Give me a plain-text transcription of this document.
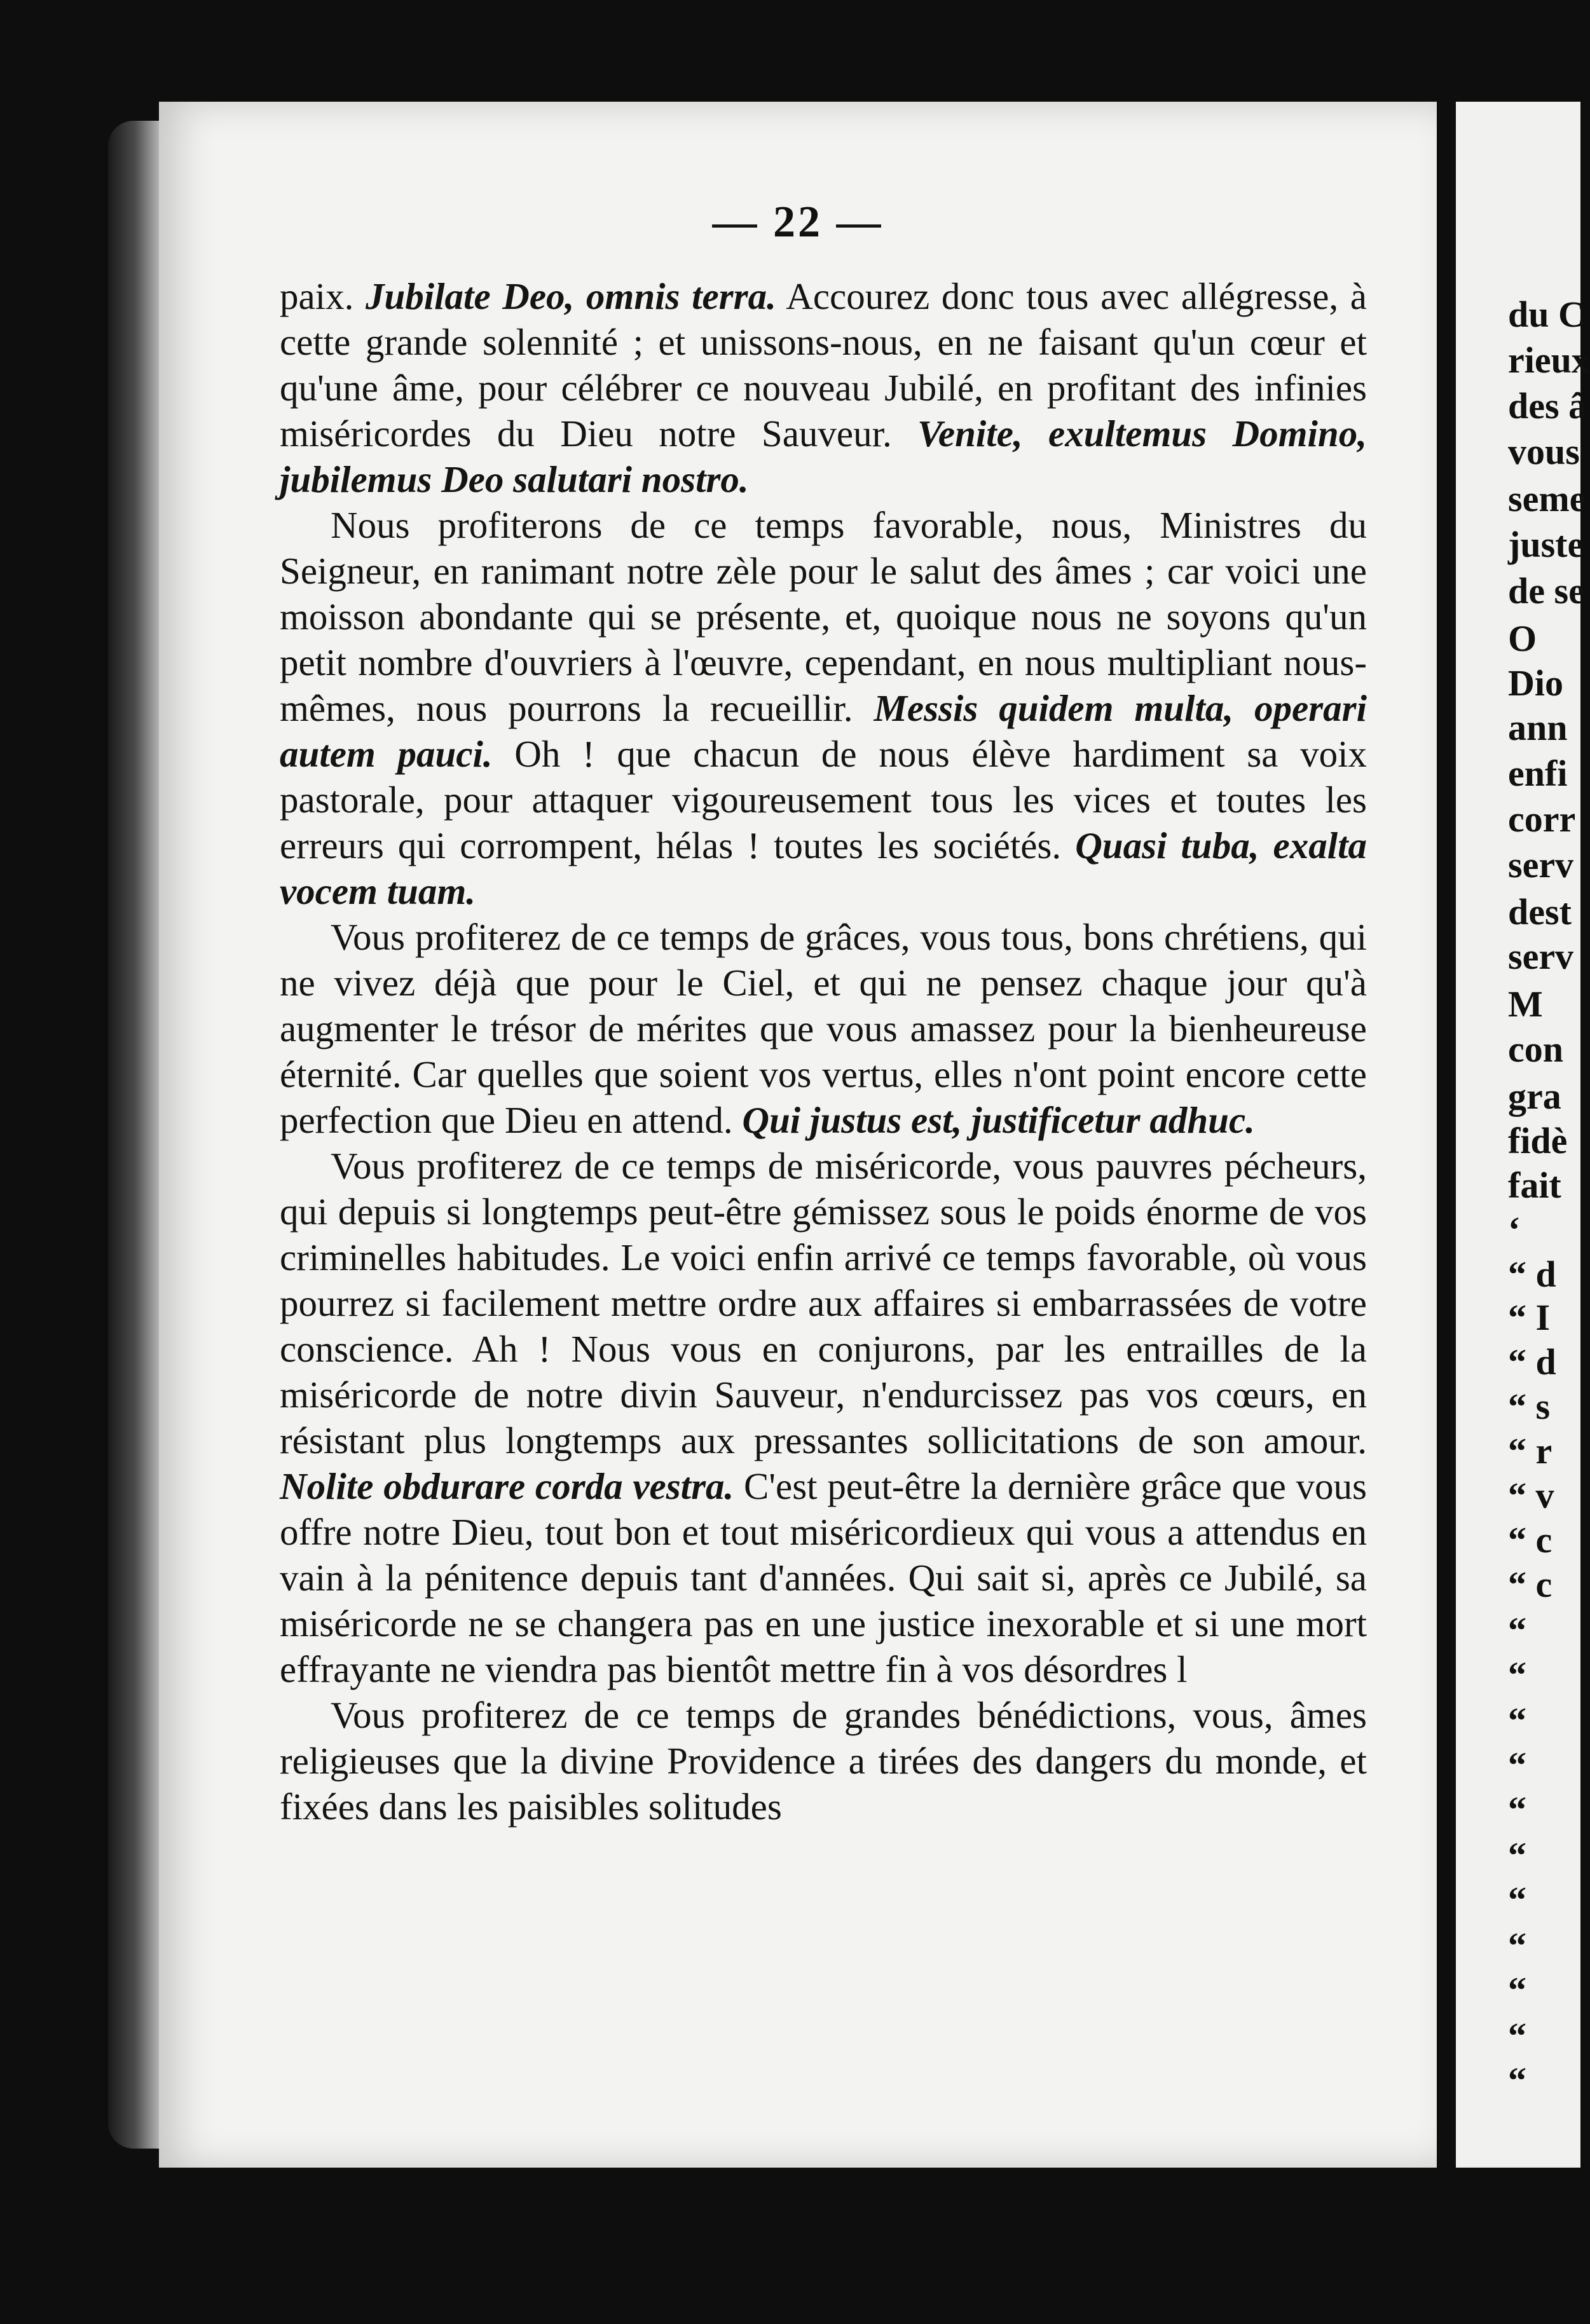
— 22 —

paix. Jubilate Deo, omnis terra. Accourez donc tous avec allégresse, à cette grande solennité ; et unissons-nous, en ne faisant qu'un cœur et qu'une âme, pour célébrer ce nouveau Jubilé, en profitant des infinies miséricordes du Dieu notre Sauveur. Venite, exultemus Domino, jubilemus Deo salutari nostro.

Nous profiterons de ce temps favorable, nous, Ministres du Seigneur, en ranimant notre zèle pour le salut des âmes ; car voici une moisson abondante qui se présente, et, quoique nous ne soyons qu'un petit nombre d'ouvriers à l'œuvre, cependant, en nous multipliant nous-mêmes, nous pourrons la recueillir. Messis quidem multa, operari autem pauci. Oh ! que chacun de nous élève hardiment sa voix pastorale, pour attaquer vigoureusement tous les vices et toutes les erreurs qui corrompent, hélas ! toutes les sociétés. Quasi tuba, exalta vocem tuam.

Vous profiterez de ce temps de grâces, vous tous, bons chrétiens, qui ne vivez déjà que pour le Ciel, et qui ne pensez chaque jour qu'à augmenter le trésor de mérites que vous amassez pour la bienheureuse éternité. Car quelles que soient vos vertus, elles n'ont point encore cette perfection que Dieu en attend. Qui justus est, justificetur adhuc.

Vous profiterez de ce temps de miséricorde, vous pauvres pécheurs, qui depuis si longtemps peut-être gémissez sous le poids énorme de vos criminelles habitudes. Le voici enfin arrivé ce temps favorable, où vous pourrez si facilement mettre ordre aux affaires si embarrassées de votre conscience. Ah ! Nous vous en conjurons, par les entrailles de la miséricorde de notre divin Sauveur, n'endurcissez pas vos cœurs, en résistant plus longtemps aux pressantes sollicitations de son amour. Nolite obdurare corda vestra. C'est peut-être la dernière grâce que vous offre notre Dieu, tout bon et tout miséricordieux qui vous a attendus en vain à la pénitence depuis tant d'années. Qui sait si, après ce Jubilé, sa miséricorde ne se changera pas en une justice inexorable et si une mort effrayante ne viendra pas bientôt mettre fin à vos désordres l

Vous profiterez de ce temps de grandes bénédictions, vous, âmes religieuses que la divine Providence a tirées des dangers du monde, et fixées dans les paisibles solitudes

du C
rieux
des â
vous
seme
juste
de se
O
Dio
ann
enfi
corr
serv
dest
serv
M
con
gra
fidè
fait
‘
“ d
“ I
“ d
“ s
“ r
“ v
“ c
“ c
“
“
“
“
“
“
“
“
“
“
“
